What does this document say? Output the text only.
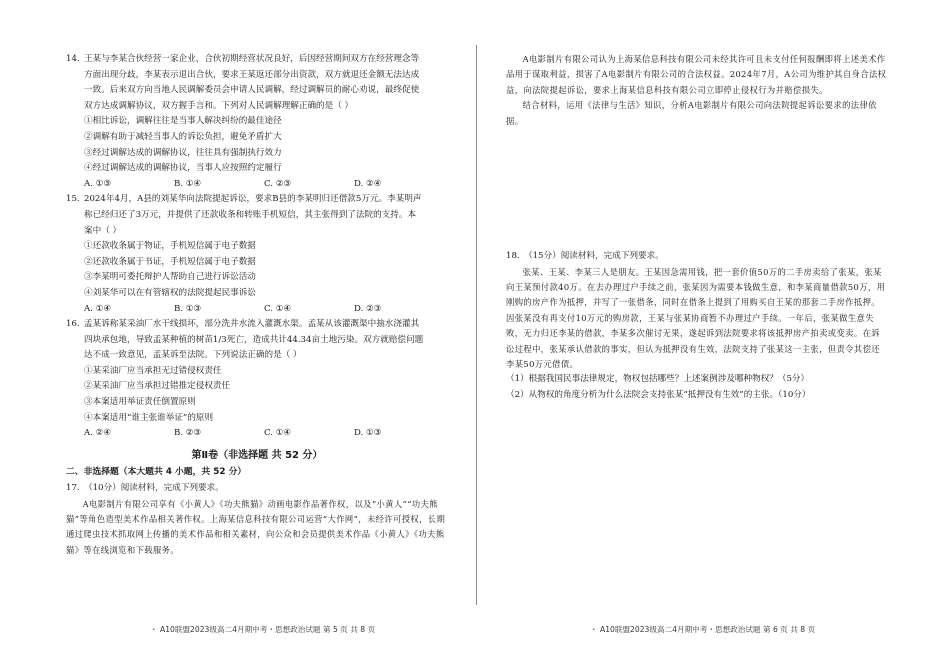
14. 王某与李某合伙经营一家企业，合伙初期经营状况良好，后因经营期间双方在经营理念等

方面出现分歧，李某表示退出合伙，要求王某返还部分出资款，双方就退还金额无法达成

一致。后来双方向当地人民调解委员会申请人民调解，经过调解员的耐心劝说，最终促使

双方达成调解协议，双方握手言和。下列对人民调解理解正确的是（ ）

①相比诉讼，调解往往是当事人解决纠纷的最佳途径

②调解有助于减轻当事人的诉讼负担，避免矛盾扩大

③经过调解达成的调解协议，往往具有强制执行效力

④经过调解达成的调解协议，当事人应按照约定履行

A. ①③	B. ①④	C. ②③	D. ②④

15. 2024年4月，A县的刘某华向法院提起诉讼，要求B县的李某明归还借款5万元。李某明声

称已经归还了3万元，并提供了还款收条和转账手机短信，其主张得到了法院的支持。本

案中（ ）

①还款收条属于物证，手机短信属于电子数据

②还款收条属于书证，手机短信属于电子数据

③李某明可委托辩护人帮助自己进行诉讼活动

④刘某华可以在有管辖权的法院提起民事诉讼

A. ①④	B. ①③	C. ①④	D. ②③

16. 孟某诉称某采油厂水干线损坏，部分洗井水流入灌溉水渠。孟某从该灌溉渠中抽水浇灌其

四块承包地，导致孟某种植的树苗1/3死亡，造成共计44.34亩土地污染。双方就赔偿问题

达不成一致意见，孟某诉至法院。下列说法正确的是（ ）

①某采油厂应当承担无过错侵权责任

②某采油厂应当承担过错推定侵权责任

③本案适用举证责任倒置原则

④本案适用“谁主张谁举证”的原则

A. ②④	B. ②③	C. ①④	D. ①③
第Ⅱ卷（非选择题 共 52 分）

二、非选择题（本大题共 4 小题，共 52 分）

17. （10分）阅读材料，完成下列要求。

A电影制片有限公司享有《小黄人》《功夫熊猫》动画电影作品著作权，以及“小黄人”“功夫熊猫”等角色造型美术作品相关著作权。上海某信息科技有限公司运营“大作网”，未经许可授权，长期通过爬虫技术抓取网上传播的美术作品和相关素材，向公众和会员提供美术作品《小黄人》《功夫熊猫》等在线浏览和下载服务。

・ A10联盟2023级高二4月期中考・思想政治试题 第 5 页 共 8 页

A电影制片有限公司认为上海某信息科技有限公司未经其许可且未支付任何报酬即将上述美术作品用于谋取利益，损害了A电影制片有限公司的合法权益。2024年7月，A公司为维护其自身合法权益，向法院提起诉讼，要求上海某信息科技有限公司立即停止侵权行为并赔偿损失。

结合材料，运用《法律与生活》知识，分析A电影制片有限公司向法院提起诉讼要求的法律依据。

18. （15分）阅读材料，完成下列要求。

张某、王某、李某三人是朋友。王某因急需用钱，把一套价值50万的二手房卖给了张某，张某向王某预付款40万。在去办理过户手续之前，张某因为需要本钱做生意，和李某商量借款50万，用刚购的房产作为抵押，并写了一张借条，同时在借条上提到了用购买自王某的那套二手房作抵押。因张某没有再支付10万元的购房款，王某与张某协商暂不办理过户手续。一年后，张某做生意失败，无力归还李某的借款，李某多次催讨无果，遂起诉到法院要求将该抵押房产拍卖或变卖。在诉讼过程中，张某承认借款的事实，但认为抵押没有生效，法院支持了张某这一主张，但责令其偿还李某50万元借债。

（1）根据我国民事法律规定，物权包括哪些？上述案例涉及哪种物权？（5分）

（2）从物权的角度分析为什么法院会支持张某“抵押没有生效”的主张。（10分）

・ A10联盟2023级高二4月期中考・思想政治试题 第 6 页 共 8 页
